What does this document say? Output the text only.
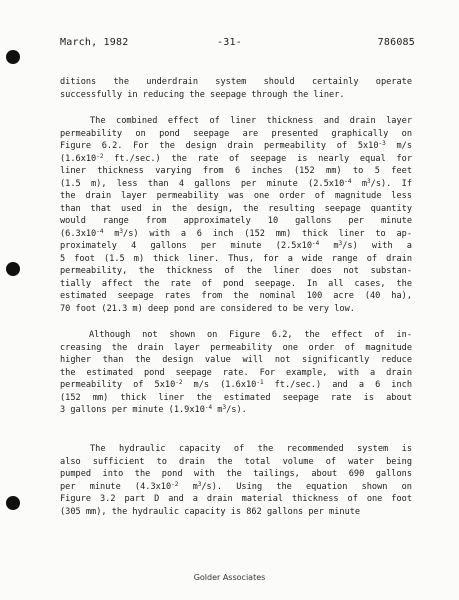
March, 1982	-31-	786085
ditions the underdrain system should certainly operate
successfully in reducing the seepage through the liner.
The combined effect of liner thickness and drain layer
permeability on pond seepage are presented graphically on
Figure 6.2. For the design drain permeability of $5x10^{-3}$ m/s
($1.6x10^{-2}$ ft./sec.) the rate of seepage is nearly equal for
liner thickness varying from 6 inches (152 mm) to 5 feet
(1.5 m), less than 4 gallons per minute ($2.5x10^{-4}$ $m^3/s$). If
the drain layer permeability was one order of magnitude less
than that used in the design, the resulting seepage quantity
would range from approximately 10 gallons per minute
($6.3x10^{-4}$ $m^3/s$) with a 6 inch (152 mm) thick liner to ap-
proximately 4 gallons per minute ($2.5x10^{-4}$ $m^3/s$) with a
5 foot (1.5 m) thick liner. Thus, for a wide range of drain
permeability, the thickness of the liner does not substan-
tially affect the rate of pond seepage. In all cases, the
estimated seepage rates from the nominal 100 acre (40 ha),
70 foot (21.3 m) deep pond are considered to be very low.
Although not shown on Figure 6.2, the effect of in-
creasing the drain layer permeability one order of magnitude
higher than the design value will not significantly reduce
the estimated pond seepage rate. For example, with a drain
permeability of $5x10^{-2}$ m/s ($1.6x10^{-1}$ ft./sec.) and a 6 inch
(152 mm) thick liner the estimated seepage rate is about
3 gallons per minute ($1.9x10^{-4}$ $m^3/s$).
The hydraulic capacity of the recommended system is
also sufficient to drain the total volume of water being
pumped into the pond with the tailings, about 690 gallons
per minute ($4.3x10^{-2}$ $m^3/s$). Using the equation shown on
Figure 3.2 part D and a drain material thickness of one foot
(305 mm), the hydraulic capacity is 862 gallons per minute
Golder Associates
